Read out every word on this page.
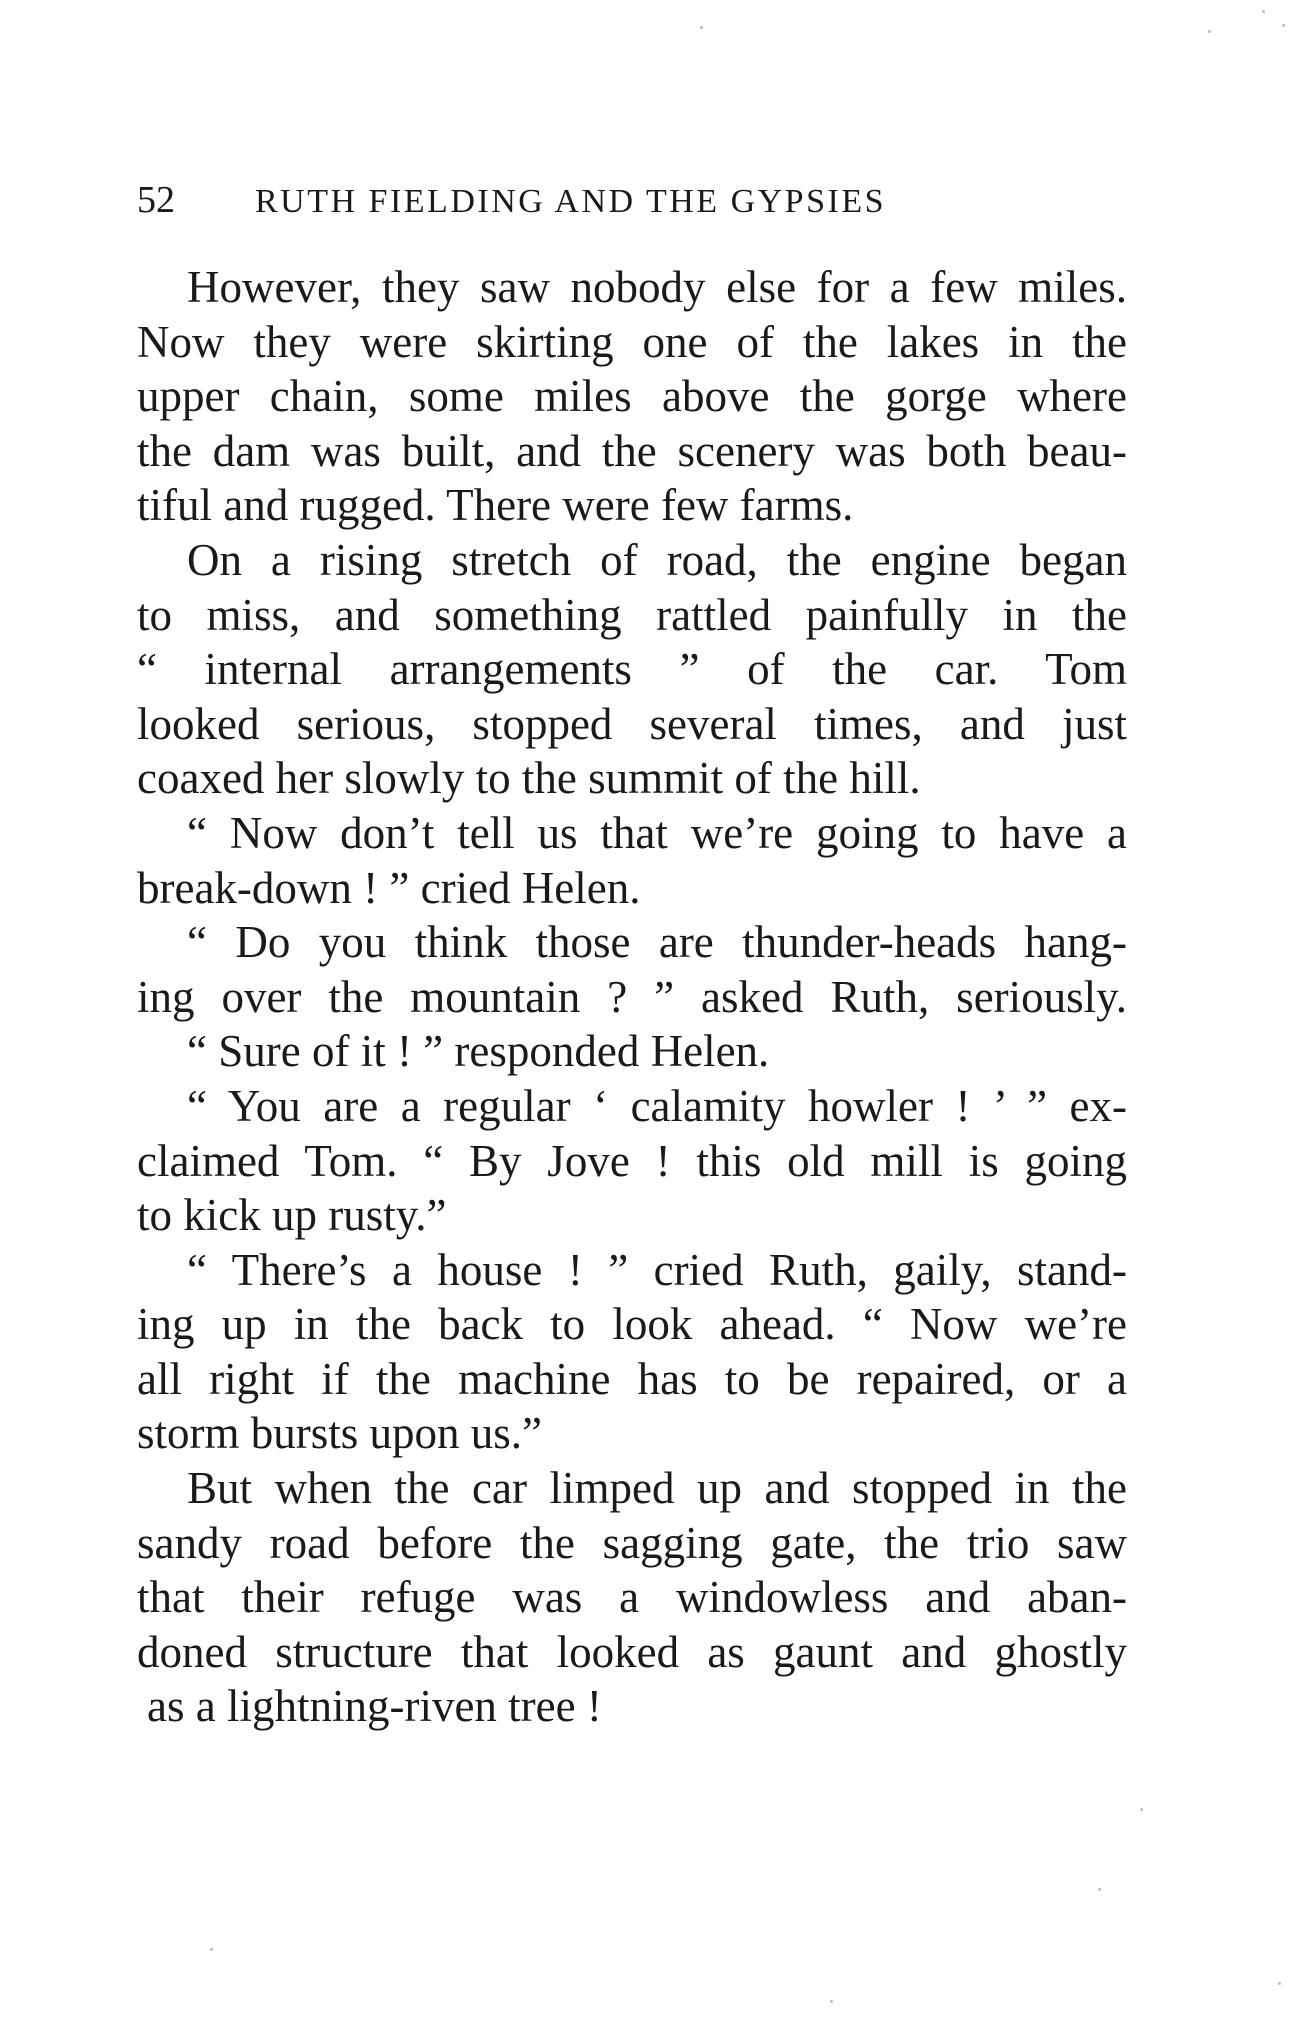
52 RUTH FIELDING AND THE GYPSIES
However, they saw nobody else for a few miles.
Now they were skirting one of the lakes in the
upper chain, some miles above the gorge where
the dam was built, and the scenery was both beau-
tiful and rugged. There were few farms.
On a rising stretch of road, the engine began
to miss, and something rattled painfully in the
“ internal arrangements ” of the car. Tom
looked serious, stopped several times, and just
coaxed her slowly to the summit of the hill.
“ Now don’t tell us that we’re going to have a
break-down ! ” cried Helen.
“ Do you think those are thunder-heads hang-
ing over the mountain ? ” asked Ruth, seriously.
“ Sure of it ! ” responded Helen.
“ You are a regular ‘ calamity howler ! ’ ” ex-
claimed Tom. “ By Jove ! this old mill is going
to kick up rusty.”
“ There’s a house ! ” cried Ruth, gaily, stand-
ing up in the back to look ahead. “ Now we’re
all right if the machine has to be repaired, or a
storm bursts upon us.”
But when the car limped up and stopped in the
sandy road before the sagging gate, the trio saw
that their refuge was a windowless and aban-
doned structure that looked as gaunt and ghostly
as a lightning-riven tree !
